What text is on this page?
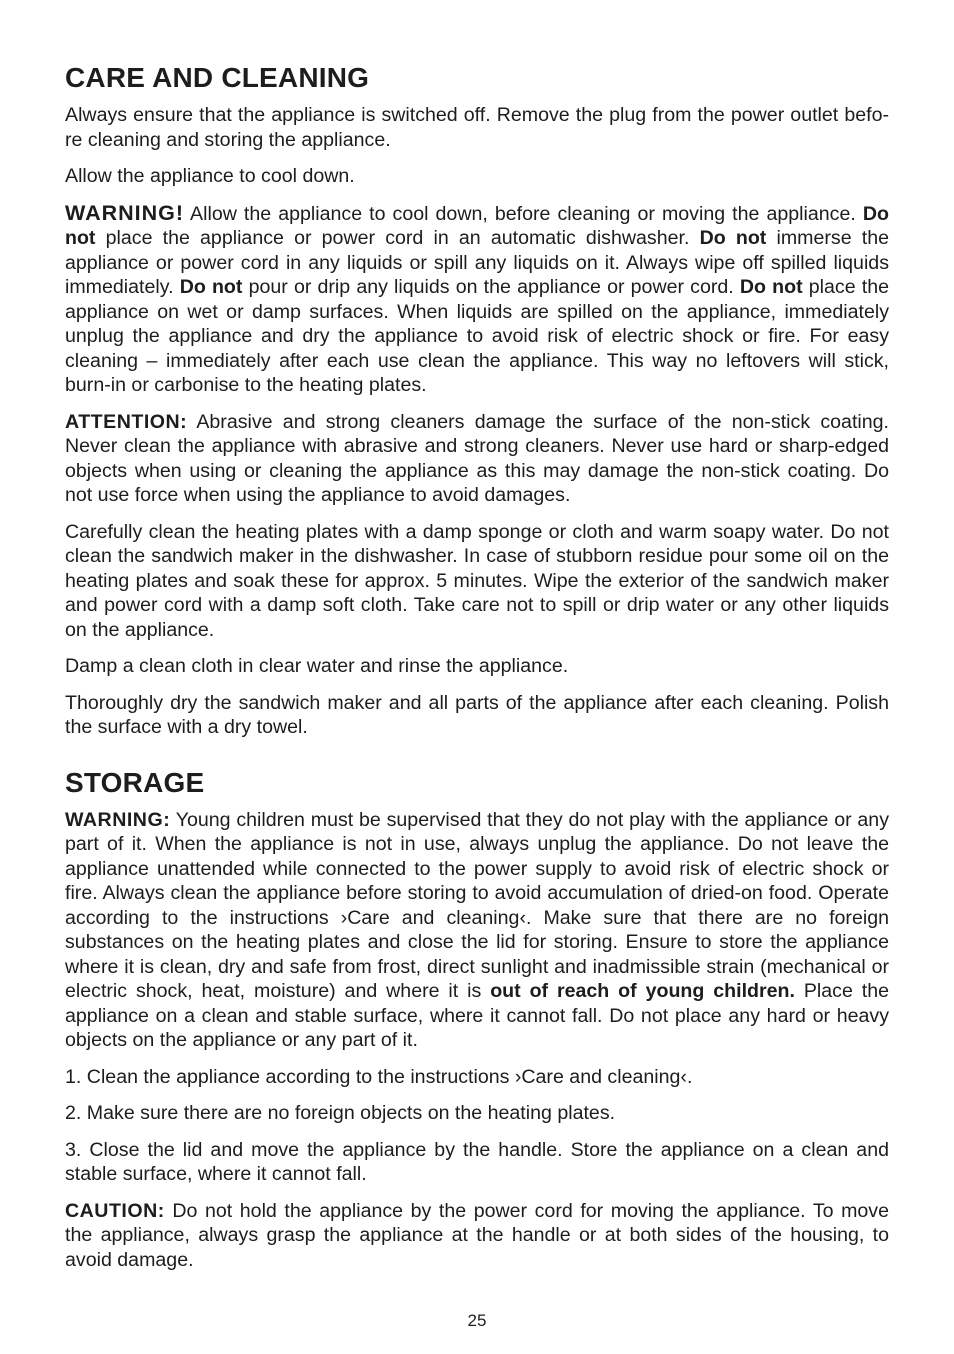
CARE AND CLEANING

Always ensure that the appliance is switched off. Remove the plug from the power outlet befo-re cleaning and storing the appliance.

Allow the appliance to cool down.

WARNING! Allow the appliance to cool down, before cleaning or moving the appliance. Do not place the appliance or power cord in an automatic dishwasher. Do not immerse the appliance or power cord in any liquids or spill any liquids on it. Always wipe off spilled liquids immediately. Do not pour or drip any liquids on the appliance or power cord. Do not place the appliance on wet or damp surfaces. When liquids are spilled on the appliance, immediately unplug the appliance and dry the appliance to avoid risk of electric shock or fire. For easy cleaning – immediately after each use clean the appliance. This way no leftovers will stick, burn-in or carbonise to the heating plates.

ATTENTION: Abrasive and strong cleaners damage the surface of the non-stick coating. Never clean the appliance with abrasive and strong cleaners. Never use hard or sharp-edged objects when using or cleaning the appliance as this may damage the non-stick coating. Do not use force when using the appliance to avoid damages.

Carefully clean the heating plates with a damp sponge or cloth and warm soapy water. Do not clean the sandwich maker in the dishwasher. In case of stubborn residue pour some oil on the heating plates and soak these for approx. 5 minutes. Wipe the exterior of the sandwich maker and power cord with a damp soft cloth. Take care not to spill or drip water or any other liquids on the appliance.

Damp a clean cloth in clear water and rinse the appliance.

Thoroughly dry the sandwich maker and all parts of the appliance after each cleaning. Polish the surface with a dry towel.

STORAGE

WARNING: Young children must be supervised that they do not play with the appliance or any part of it. When the appliance is not in use, always unplug the appliance. Do not leave the appliance unattended while connected to the power supply to avoid risk of electric shock or fire. Always clean the appliance before storing to avoid accumulation of dried-on food. Operate according to the instructions ›Care and cleaning‹. Make sure that there are no foreign substances on the heating plates and close the lid for storing. Ensure to store the appliance where it is clean, dry and safe from frost, direct sunlight and inadmissible strain (mechanical or electric shock, heat, moisture) and where it is out of reach of young children. Place the appliance on a clean and stable surface, where it cannot fall. Do not place any hard or heavy objects on the appliance or any part of it.

1. Clean the appliance according to the instructions ›Care and cleaning‹.

2. Make sure there are no foreign objects on the heating plates.

3. Close the lid and move the appliance by the handle. Store the appliance on a clean and stable surface, where it cannot fall.

CAUTION: Do not hold the appliance by the power cord for moving the appliance. To move the appliance, always grasp the appliance at the handle or at both sides of the housing, to avoid damage.

25
